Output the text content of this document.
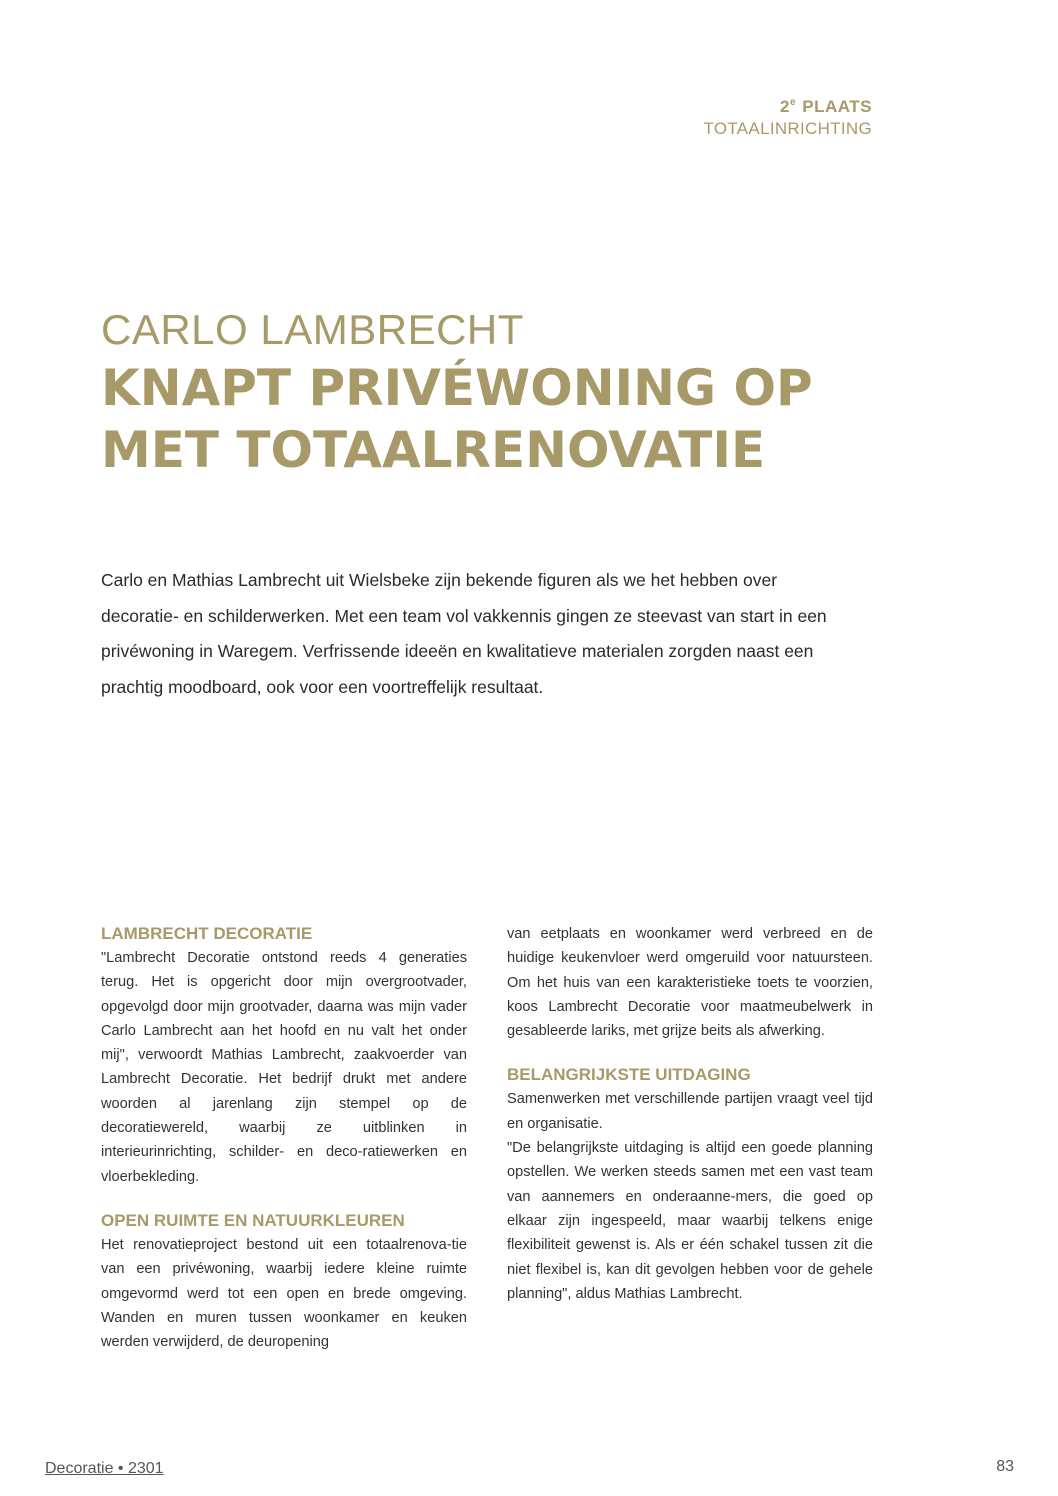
2e PLAATS
TOTAALINRICHTING
CARLO LAMBRECHT
KNAPT PRIVÉWONING OP
MET TOTAALRENOVATIE

Carlo en Mathias Lambrecht uit Wielsbeke zijn bekende figuren als we het hebben over decoratie- en schilderwerken. Met een team vol vakkennis gingen ze steevast van start in een privéwoning in Waregem. Verfrissende ideeën en kwalitatieve materialen zorgden naast een prachtig moodboard, ook voor een voortreffelijk resultaat.

LAMBRECHT DECORATIE

"Lambrecht Decoratie ontstond reeds 4 generaties terug. Het is opgericht door mijn overgrootvader, opgevolgd door mijn grootvader, daarna was mijn vader Carlo Lambrecht aan het hoofd en nu valt het onder mij", verwoordt Mathias Lambrecht, zaakvoerder van Lambrecht Decoratie. Het bedrijf drukt met andere woorden al jarenlang zijn stempel op de decoratiewereld, waarbij ze uitblinken in interieurinrichting, schilder- en deco-ratiewerken en vloerbekleding.

OPEN RUIMTE EN NATUURKLEUREN

Het renovatieproject bestond uit een totaalrenova-tie van een privéwoning, waarbij iedere kleine ruimte omgevormd werd tot een open en brede omgeving. Wanden en muren tussen woonkamer en keuken werden verwijderd, de deuropening

van eetplaats en woonkamer werd verbreed en de huidige keukenvloer werd omgeruild voor natuursteen. Om het huis van een karakteristieke toets te voorzien, koos Lambrecht Decoratie voor maatmeubelwerk in gesableerde lariks, met grijze beits als afwerking.

BELANGRIJKSTE UITDAGING

Samenwerken met verschillende partijen vraagt veel tijd en organisatie.

"De belangrijkste uitdaging is altijd een goede planning opstellen. We werken steeds samen met een vast team van aannemers en onderaanne-mers, die goed op elkaar zijn ingespeeld, maar waarbij telkens enige flexibiliteit gewenst is. Als er één schakel tussen zit die niet flexibel is, kan dit gevolgen hebben voor de gehele planning", aldus Mathias Lambrecht.

Decoratie • 2301	83
